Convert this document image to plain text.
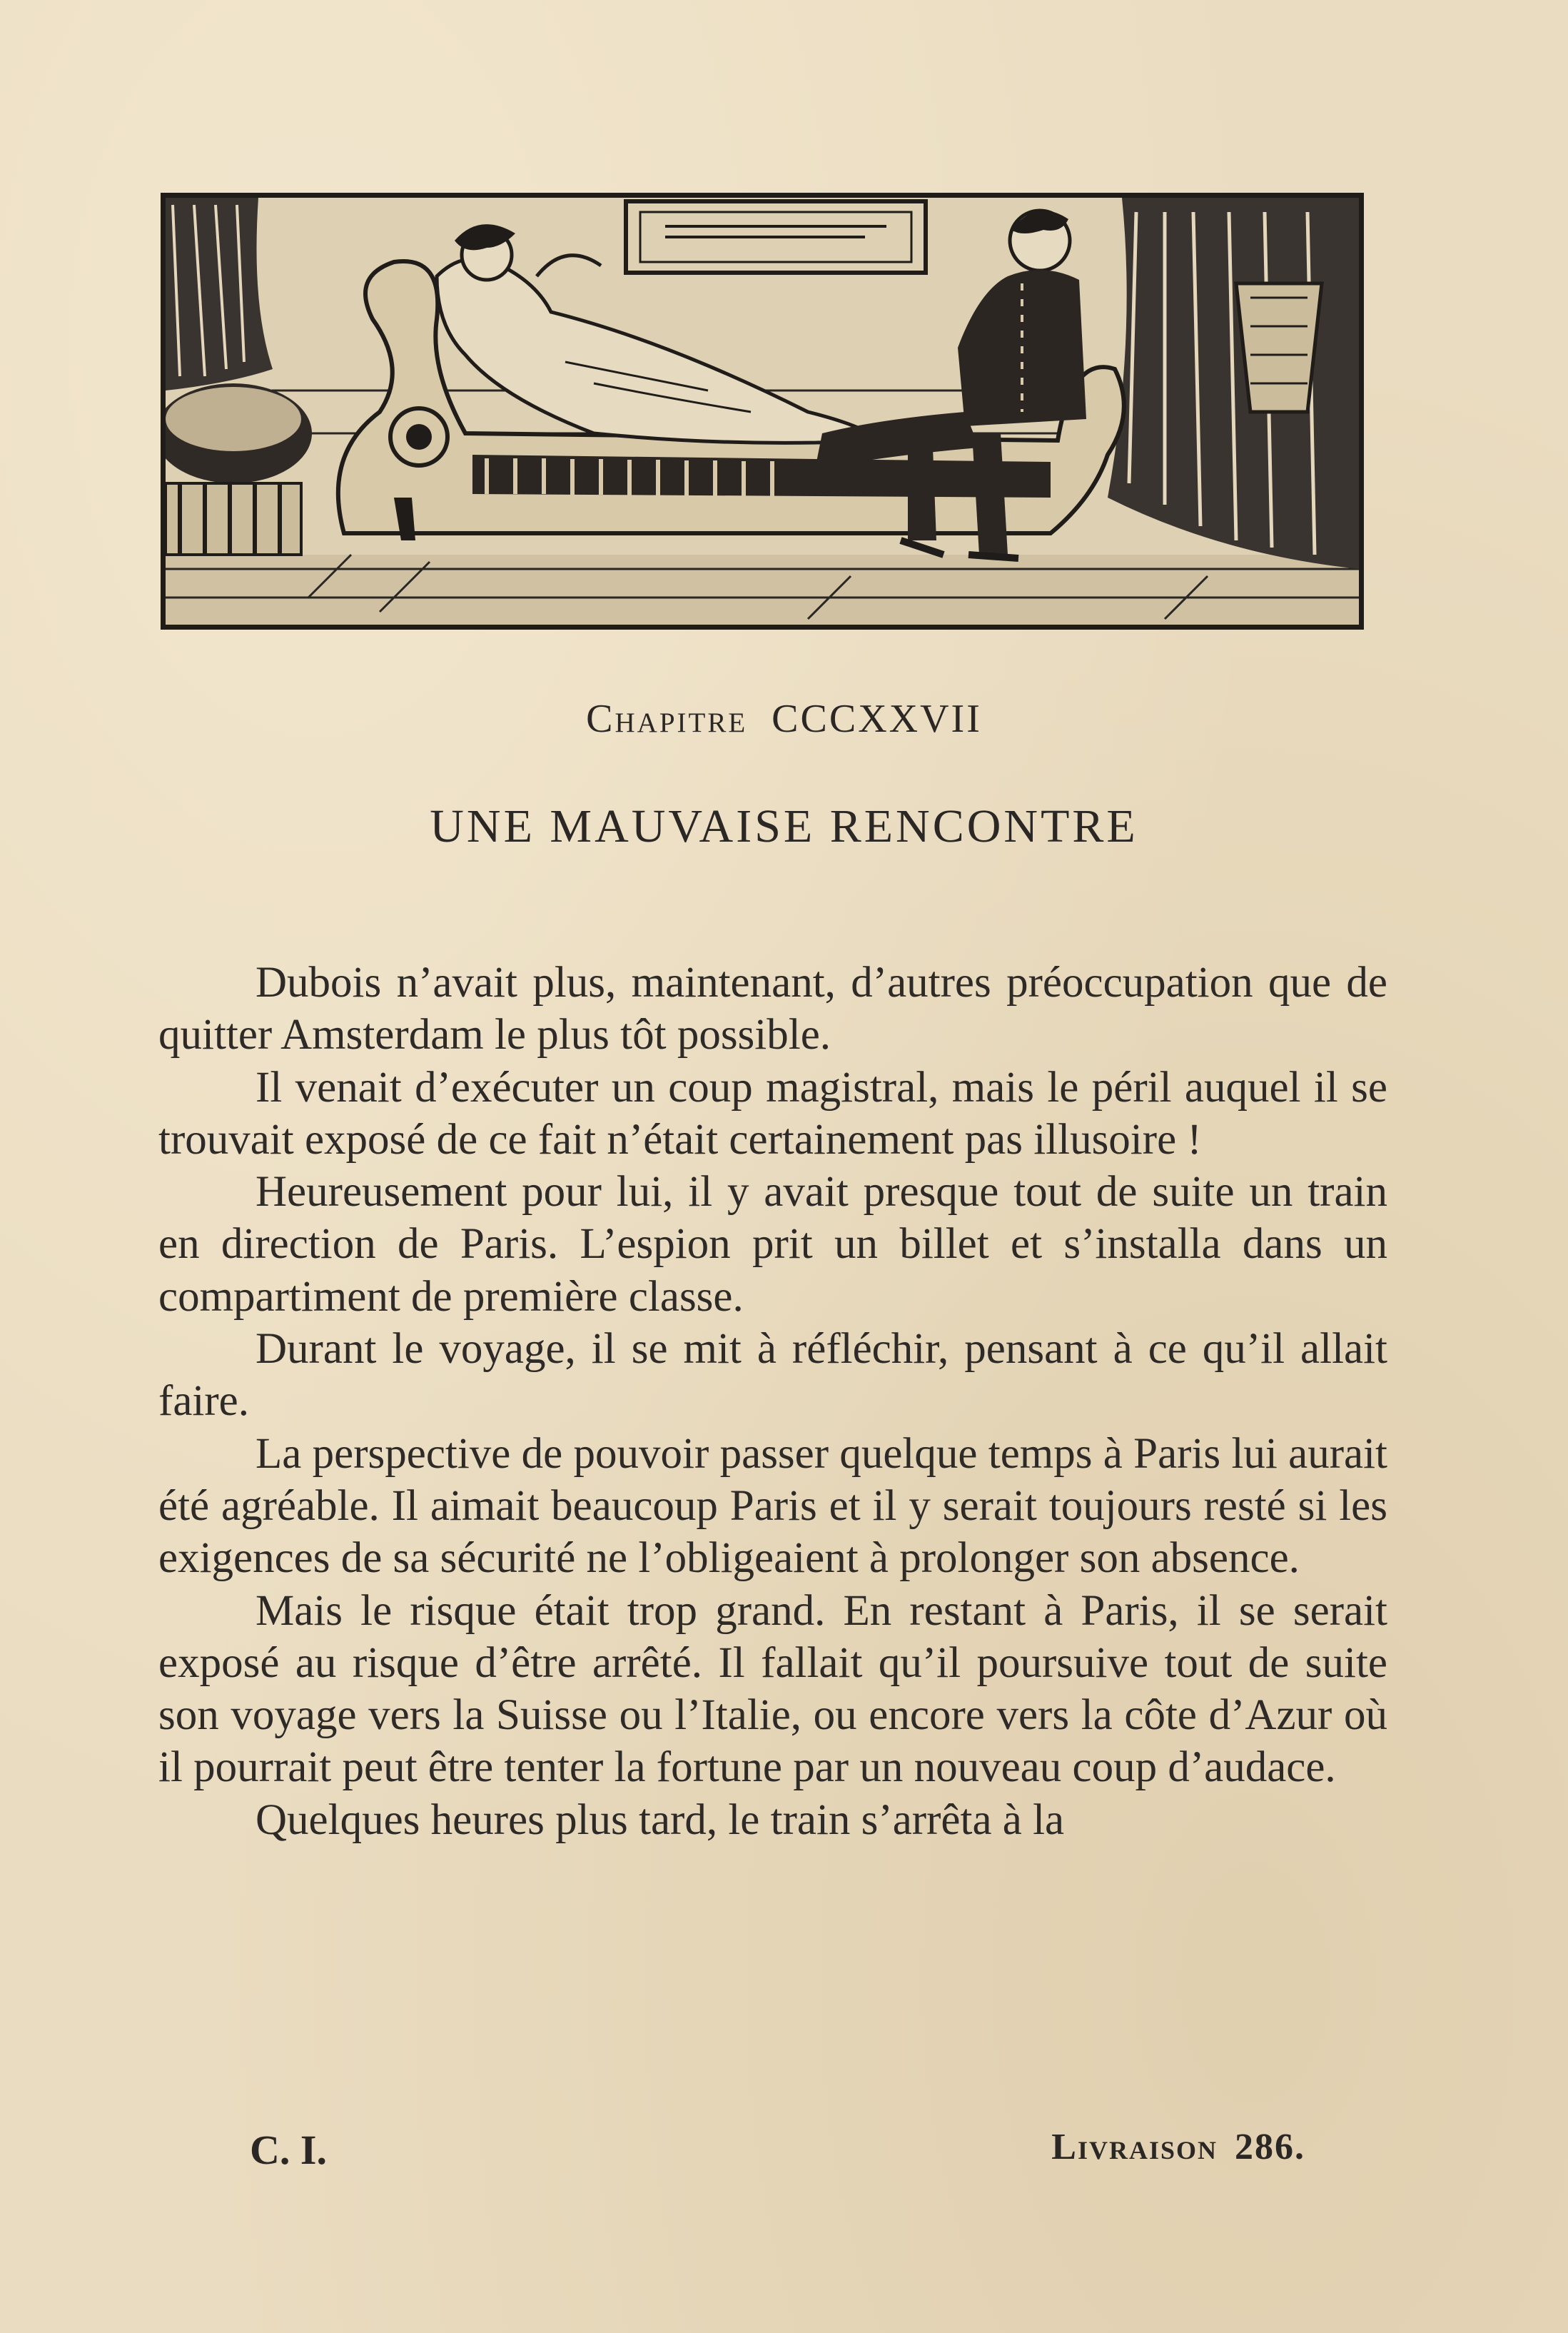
Chapitre CCCXXVII
UNE MAUVAISE RENCONTRE

Dubois n’avait plus, maintenant, d’autres préoccupation que de quitter Amsterdam le plus tôt possible.

Il venait d’exécuter un coup magistral, mais le péril auquel il se trouvait exposé de ce fait n’était certainement pas illusoire !

Heureusement pour lui, il y avait presque tout de suite un train en direction de Paris. L’espion prit un billet et s’installa dans un compartiment de première classe.

Durant le voyage, il se mit à réfléchir, pensant à ce qu’il allait faire.

La perspective de pouvoir passer quelque temps à Paris lui aurait été agréable. Il aimait beaucoup Paris et il y serait toujours resté si les exigences de sa sécurité ne l’obligeaient à prolonger son absence.

Mais le risque était trop grand. En restant à Paris, il se serait exposé au risque d’être arrêté. Il fallait qu’il poursuive tout de suite son voyage vers la Suisse ou l’Italie, ou encore vers la côte d’Azur où il pourrait peut être tenter la fortune par un nouveau coup d’audace.

Quelques heures plus tard, le train s’arrêta à la

C. I.	Livraison 286.
